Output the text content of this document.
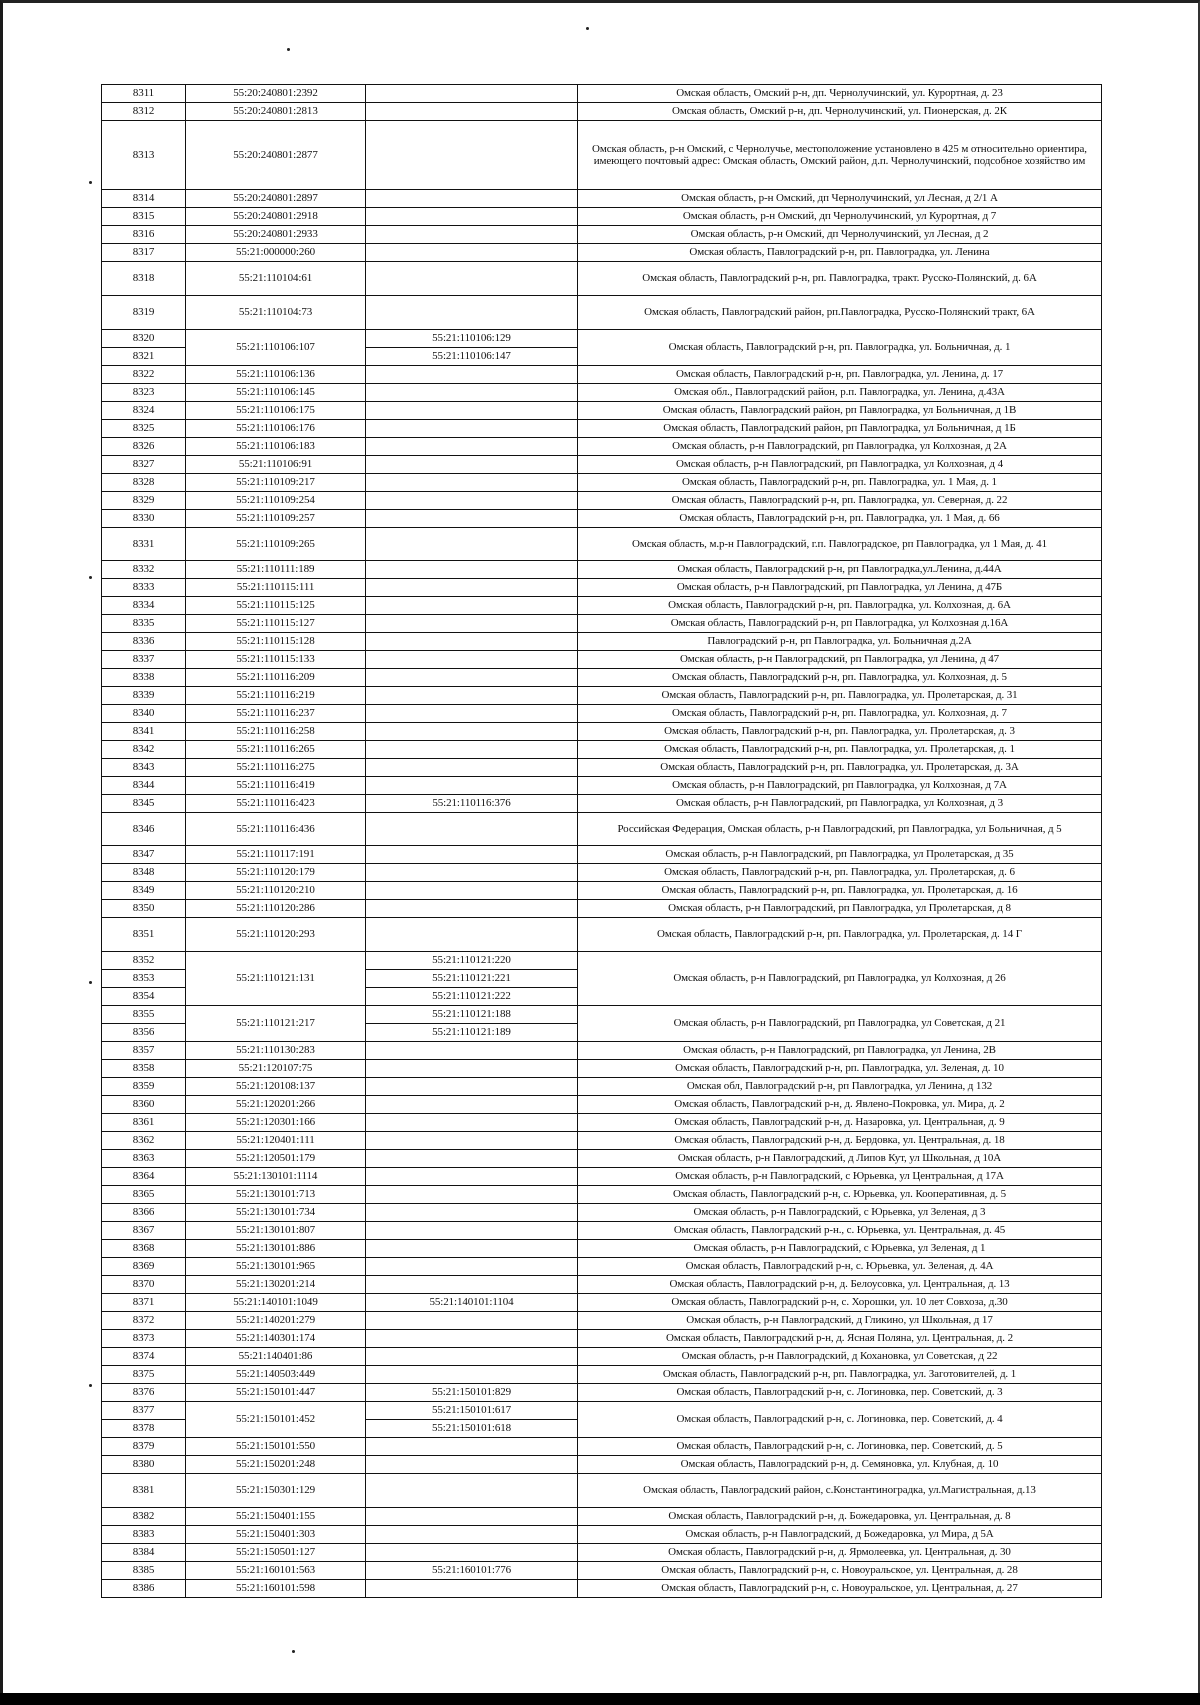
8311	55:20:240801:2392		Омская область, Омский р-н, дп. Чернолучинский, ул. Курортная, д. 23
8312	55:20:240801:2813		Омская область, Омский р-н, дп. Чернолучинский, ул. Пионерская, д. 2К
8313	55:20:240801:2877		Омская область, р-н Омский, с Чернолучье, местоположение установлено в 425 м относительно ориентира, имеющего почтовый адрес: Омская область, Омский район, д.п. Чернолучинский, подсобное хозяйство им
8314	55:20:240801:2897		Омская область, р-н Омский, дп Чернолучинский, ул Лесная, д 2/1 А
8315	55:20:240801:2918		Омская область, р-н Омский, дп Чернолучинский, ул Курортная, д 7
8316	55:20:240801:2933		Омская область, р-н Омский, дп Чернолучинский, ул Лесная, д 2
8317	55:21:000000:260		Омская область, Павлоградский р-н, рп. Павлоградка, ул. Ленина
8318	55:21:110104:61		Омская область, Павлоградский р-н, рп. Павлоградка, тракт. Русско-Полянский, д. 6А
8319	55:21:110104:73		Омская область, Павлоградский район, рп.Павлоградка, Русско-Полянский тракт, 6А
8320	55:21:110106:107	55:21:110106:129	Омская область, Павлоградский р-н, рп. Павлоградка, ул. Больничная, д. 1
8321		55:21:110106:147	
8322	55:21:110106:136		Омская область, Павлоградский р-н, рп. Павлоградка, ул. Ленина, д. 17
8323	55:21:110106:145		Омская обл., Павлоградский район, р.п. Павлоградка, ул. Ленина, д.43А
8324	55:21:110106:175		Омская область, Павлоградский район, рп Павлоградка, ул Больничная, д 1В
8325	55:21:110106:176		Омская область, Павлоградский район, рп Павлоградка, ул Больничная, д 1Б
8326	55:21:110106:183		Омская область, р-н Павлоградский, рп Павлоградка, ул Колхозная, д 2А
8327	55:21:110106:91		Омская область, р-н Павлоградский, рп Павлоградка, ул Колхозная, д 4
8328	55:21:110109:217		Омская область, Павлоградский р-н, рп. Павлоградка, ул. 1 Мая, д. 1
8329	55:21:110109:254		Омская область, Павлоградский р-н, рп. Павлоградка, ул. Северная, д. 22
8330	55:21:110109:257		Омская область, Павлоградский р-н, рп. Павлоградка, ул. 1 Мая, д. 66
8331	55:21:110109:265		Омская область, м.р-н Павлоградский, г.п. Павлоградское, рп Павлоградка, ул 1 Мая, д. 41
8332	55:21:110111:189		Омская область, Павлоградский р-н, рп Павлоградка,ул.Ленина, д.44А
8333	55:21:110115:111		Омская область, р-н Павлоградский, рп Павлоградка, ул Ленина, д 47Б
8334	55:21:110115:125		Омская область, Павлоградский р-н, рп. Павлоградка, ул. Колхозная, д. 6А
8335	55:21:110115:127		Омская область, Павлоградский р-н, рп Павлоградка, ул Колхозная д.16А
8336	55:21:110115:128		Павлоградский р-н, рп Павлоградка, ул. Больничная д.2А
8337	55:21:110115:133		Омская область, р-н Павлоградский, рп Павлоградка, ул Ленина, д 47
8338	55:21:110116:209		Омская область, Павлоградский р-н, рп. Павлоградка, ул. Колхозная, д. 5
8339	55:21:110116:219		Омская область, Павлоградский р-н, рп. Павлоградка, ул. Пролетарская, д. 31
8340	55:21:110116:237		Омская область, Павлоградский р-н, рп. Павлоградка, ул. Колхозная, д. 7
8341	55:21:110116:258		Омская область, Павлоградский р-н, рп. Павлоградка, ул. Пролетарская, д. 3
8342	55:21:110116:265		Омская область, Павлоградский р-н, рп. Павлоградка, ул. Пролетарская, д. 1
8343	55:21:110116:275		Омская область, Павлоградский р-н, рп. Павлоградка, ул. Пролетарская, д. 3А
8344	55:21:110116:419		Омская область, р-н Павлоградский, рп Павлоградка, ул Колхозная, д 7А
8345	55:21:110116:423	55:21:110116:376	Омская область, р-н Павлоградский, рп Павлоградка, ул Колхозная, д 3
8346	55:21:110116:436		Российская Федерация, Омская область, р-н Павлоградский, рп Павлоградка, ул Больничная, д 5
8347	55:21:110117:191		Омская область, р-н Павлоградский, рп Павлоградка, ул Пролетарская, д 35
8348	55:21:110120:179		Омская область, Павлоградский р-н, рп. Павлоградка, ул. Пролетарская, д. 6
8349	55:21:110120:210		Омская область, Павлоградский р-н, рп. Павлоградка, ул. Пролетарская, д. 16
8350	55:21:110120:286		Омская область, р-н Павлоградский, рп Павлоградка, ул Пролетарская, д 8
8351	55:21:110120:293		Омская область, Павлоградский р-н, рп. Павлоградка, ул. Пролетарская, д. 14 Г
8352	55:21:110121:131	55:21:110121:220	Омская область, р-н Павлоградский, рп Павлоградка, ул Колхозная, д 26
8353		55:21:110121:221	
8354		55:21:110121:222	
8355	55:21:110121:217	55:21:110121:188	Омская область, р-н Павлоградский, рп Павлоградка, ул Советская, д 21
8356		55:21:110121:189	
8357	55:21:110130:283		Омская область, р-н Павлоградский, рп Павлоградка, ул Ленина, 2В
8358	55:21:120107:75		Омская область, Павлоградский р-н, рп. Павлоградка, ул. Зеленая, д. 10
8359	55:21:120108:137		Омская обл, Павлоградский р-н, рп Павлоградка, ул Ленина, д 132
8360	55:21:120201:266		Омская область, Павлоградский р-н, д. Явлено-Покровка, ул. Мира, д. 2
8361	55:21:120301:166		Омская область, Павлоградский р-н, д. Назаровка, ул. Центральная, д. 9
8362	55:21:120401:111		Омская область, Павлоградский р-н, д. Бердовка, ул. Центральная, д. 18
8363	55:21:120501:179		Омская область, р-н Павлоградский, д Липов Кут, ул Школьная, д 10А
8364	55:21:130101:1114		Омская область, р-н Павлоградский, с Юрьевка, ул Центральная, д 17А
8365	55:21:130101:713		Омская область, Павлоградский р-н, с. Юрьевка, ул. Кооперативная, д. 5
8366	55:21:130101:734		Омская область, р-н Павлоградский, с Юрьевка, ул Зеленая, д 3
8367	55:21:130101:807		Омская область, Павлоградский р-н., с. Юрьевка, ул. Центральная, д. 45
8368	55:21:130101:886		Омская область, р-н Павлоградский, с Юрьевка, ул Зеленая, д 1
8369	55:21:130101:965		Омская область, Павлоградский р-н, с. Юрьевка, ул. Зеленая, д. 4А
8370	55:21:130201:214		Омская область, Павлоградский р-н, д. Белоусовка, ул. Центральная, д. 13
8371	55:21:140101:1049	55:21:140101:1104	Омская область, Павлоградский р-н, с. Хорошки, ул. 10 лет Совхоза, д.30
8372	55:21:140201:279		Омская область, р-н Павлоградский, д Гликино, ул Школьная, д 17
8373	55:21:140301:174		Омская область, Павлоградский р-н, д. Ясная Поляна, ул. Центральная, д. 2
8374	55:21:140401:86		Омская область, р-н Павлоградский, д Кохановка, ул Советская, д 22
8375	55:21:140503:449		Омская область, Павлоградский р-н, рп. Павлоградка, ул. Заготовителей, д. 1
8376	55:21:150101:447	55:21:150101:829	Омская область, Павлоградский р-н, с. Логиновка, пер. Советский, д. 3
8377	55:21:150101:452	55:21:150101:617	Омская область, Павлоградский р-н, с. Логиновка, пер. Советский, д. 4
8378		55:21:150101:618	
8379	55:21:150101:550		Омская область, Павлоградский р-н, с. Логиновка, пер. Советский, д. 5
8380	55:21:150201:248		Омская область, Павлоградский р-н, д. Семяновка, ул. Клубная, д. 10
8381	55:21:150301:129		Омская область, Павлоградский район, с.Константиноградка, ул.Магистральная, д.13
8382	55:21:150401:155		Омская область, Павлоградский р-н, д. Божедаровка, ул. Центральная, д. 8
8383	55:21:150401:303		Омская область, р-н Павлоградский, д Божедаровка, ул Мира, д 5А
8384	55:21:150501:127		Омская область, Павлоградский р-н, д. Ярмолеевка, ул. Центральная, д. 30
8385	55:21:160101:563	55:21:160101:776	Омская область, Павлоградский р-н, с. Новоуральское, ул. Центральная, д. 28
8386	55:21:160101:598		Омская область, Павлоградский р-н, с. Новоуральское, ул. Центральная, д. 27
